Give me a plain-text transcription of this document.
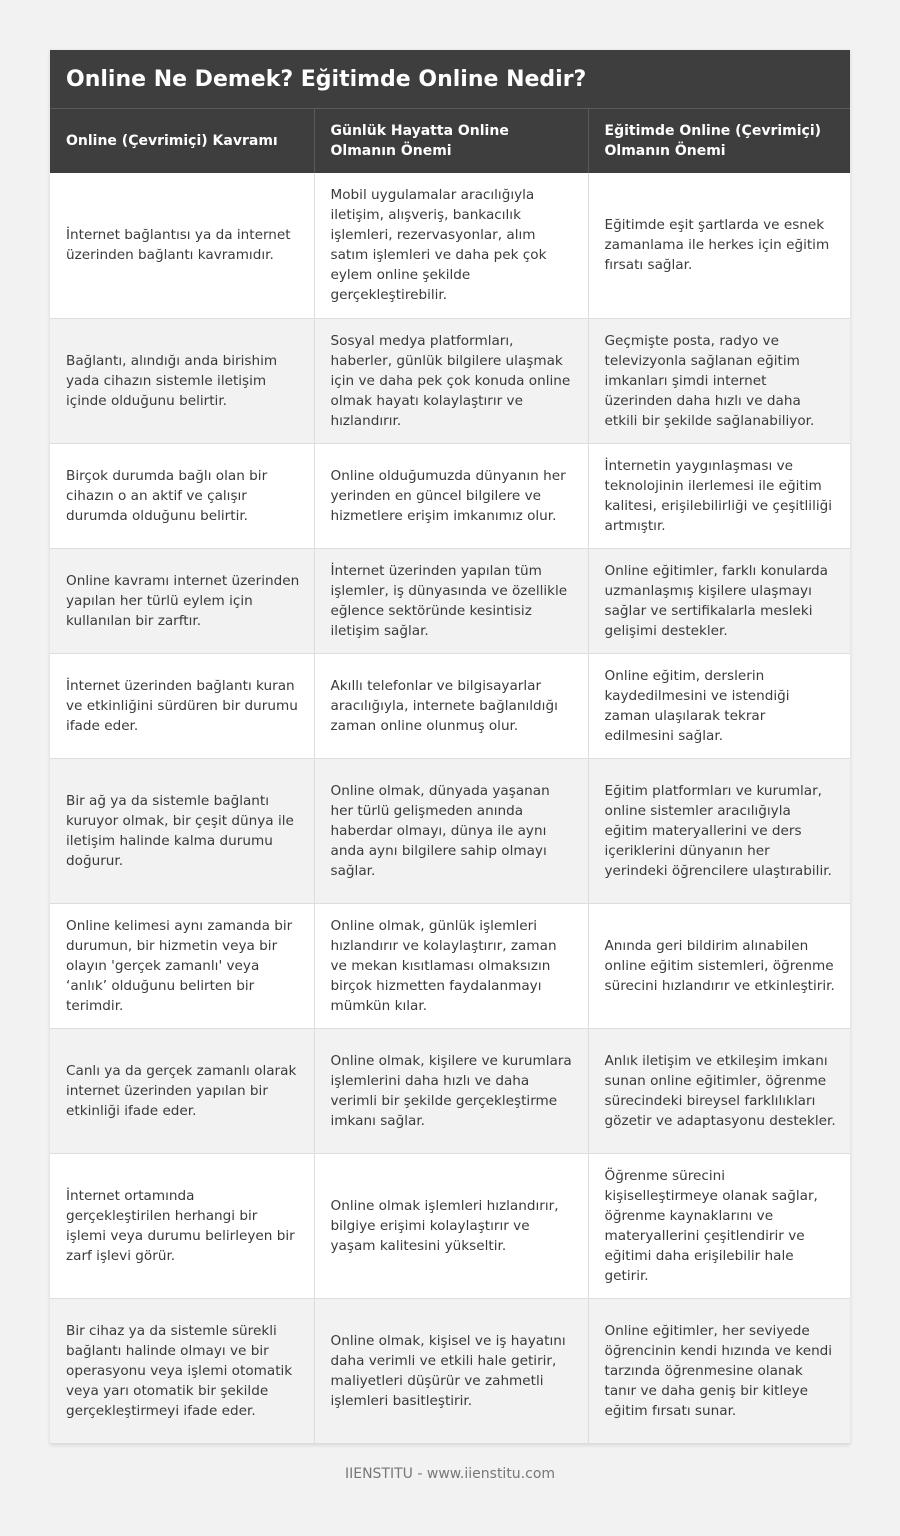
Online Ne Demek? Eğitimde Online Nedir?
Online (Çevrimiçi) Kavramı	Günlük Hayatta Online Olmanın Önemi	Eğitimde Online (Çevrimiçi) Olmanın Önemi
İnternet bağlantısı ya da internet üzerinden bağlantı kavramıdır.	Mobil uygulamalar aracılığıyla iletişim, alışveriş, bankacılık işlemleri, rezervasyonlar, alım satım işlemleri ve daha pek çok eylem online şekilde gerçekleştirebilir.	Eğitimde eşit şartlarda ve esnek zamanlama ile herkes için eğitim fırsatı sağlar.
Bağlantı, alındığı anda birishim yada cihazın sistemle iletişim içinde olduğunu belirtir.	Sosyal medya platformları, haberler, günlük bilgilere ulaşmak için ve daha pek çok konuda online olmak hayatı kolaylaştırır ve hızlandırır.	Geçmişte posta, radyo ve televizyonla sağlanan eğitim imkanları şimdi internet üzerinden daha hızlı ve daha etkili bir şekilde sağlanabiliyor.
Birçok durumda bağlı olan bir cihazın o an aktif ve çalışır durumda olduğunu belirtir.	Online olduğumuzda dünyanın her yerinden en güncel bilgilere ve hizmetlere erişim imkanımız olur.	İnternetin yaygınlaşması ve teknolojinin ilerlemesi ile eğitim kalitesi, erişilebilirliği ve çeşitliliği artmıştır.
Online kavramı internet üzerinden yapılan her türlü eylem için kullanılan bir zarftır.	İnternet üzerinden yapılan tüm işlemler, iş dünyasında ve özellikle eğlence sektöründe kesintisiz iletişim sağlar.	Online eğitimler, farklı konularda uzmanlaşmış kişilere ulaşmayı sağlar ve sertifikalarla mesleki gelişimi destekler.
İnternet üzerinden bağlantı kuran ve etkinliğini sürdüren bir durumu ifade eder.	Akıllı telefonlar ve bilgisayarlar aracılığıyla, internete bağlanıldığı zaman online olunmuş olur.	Online eğitim, derslerin kaydedilmesini ve istendiği zaman ulaşılarak tekrar edilmesini sağlar.
Bir ağ ya da sistemle bağlantı kuruyor olmak, bir çeşit dünya ile iletişim halinde kalma durumu doğurur.	Online olmak, dünyada yaşanan her türlü gelişmeden anında haberdar olmayı, dünya ile aynı anda aynı bilgilere sahip olmayı sağlar.	Eğitim platformları ve kurumlar, online sistemler aracılığıyla eğitim materyallerini ve ders içeriklerini dünyanın her yerindeki öğrencilere ulaştırabilir.
Online kelimesi aynı zamanda bir durumun, bir hizmetin veya bir olayın 'gerçek zamanlı' veya ‘anlık’ olduğunu belirten bir terimdir.	Online olmak, günlük işlemleri hızlandırır ve kolaylaştırır, zaman ve mekan kısıtlaması olmaksızın birçok hizmetten faydalanmayı mümkün kılar.	Anında geri bildirim alınabilen online eğitim sistemleri, öğrenme sürecini hızlandırır ve etkinleştirir.
Canlı ya da gerçek zamanlı olarak internet üzerinden yapılan bir etkinliği ifade eder.	Online olmak, kişilere ve kurumlara işlemlerini daha hızlı ve daha verimli bir şekilde gerçekleştirme imkanı sağlar.	Anlık iletişim ve etkileşim imkanı sunan online eğitimler, öğrenme sürecindeki bireysel farklılıkları gözetir ve adaptasyonu destekler.
İnternet ortamında gerçekleştirilen herhangi bir işlemi veya durumu belirleyen bir zarf işlevi görür.	Online olmak işlemleri hızlandırır, bilgiye erişimi kolaylaştırır ve yaşam kalitesini yükseltir.	Öğrenme sürecini kişiselleştirmeye olanak sağlar, öğrenme kaynaklarını ve materyallerini çeşitlendirir ve eğitimi daha erişilebilir hale getirir.
Bir cihaz ya da sistemle sürekli bağlantı halinde olmayı ve bir operasyonu veya işlemi otomatik veya yarı otomatik bir şekilde gerçekleştirmeyi ifade eder.	Online olmak, kişisel ve iş hayatını daha verimli ve etkili hale getirir, maliyetleri düşürür ve zahmetli işlemleri basitleştirir.	Online eğitimler, her seviyede öğrencinin kendi hızında ve kendi tarzında öğrenmesine olanak tanır ve daha geniş bir kitleye eğitim fırsatı sunar.
IIENSTITU - www.iienstitu.com
